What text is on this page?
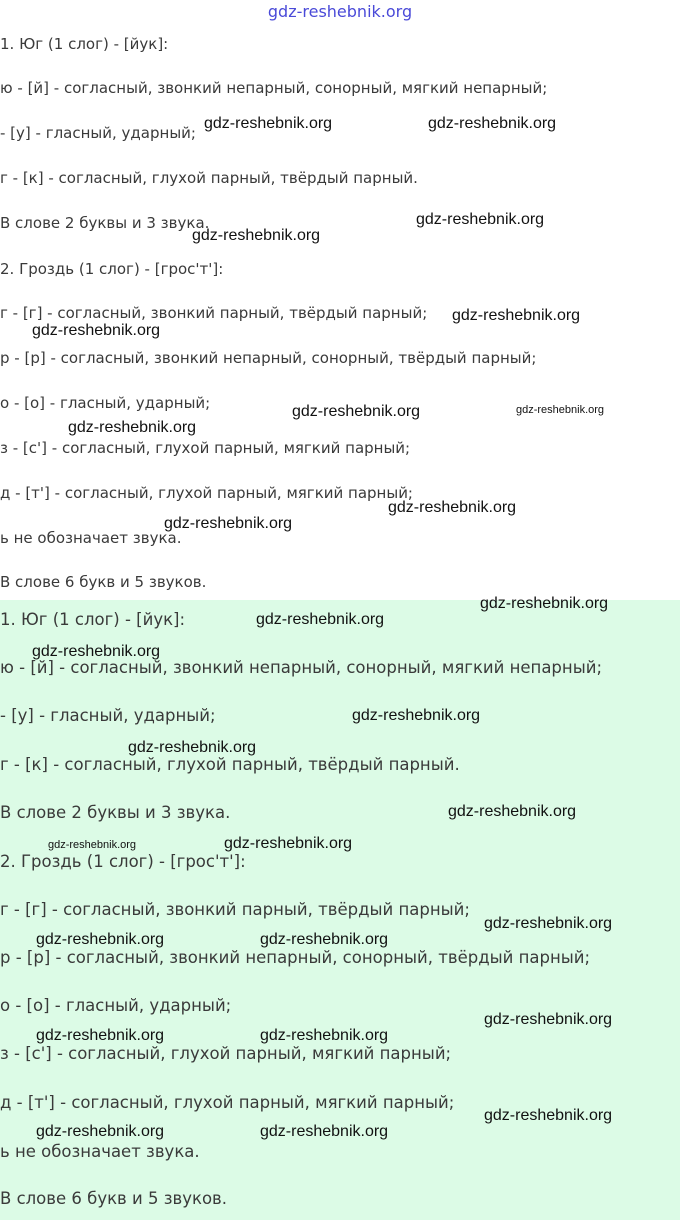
gdz-reshebnik.org
1. Юг (1 слог) - [йук]:
ю - [й] - согласный, звонкий непарный, сонорный, мягкий непарный;
- [у] - гласный, ударный;
г - [к] - согласный, глухой парный, твёрдый парный.
В слове 2 буквы и 3 звука.
2. Гроздь (1 слог) - [грос'т']:
г - [г] - согласный, звонкий парный, твёрдый парный;
р - [р] - согласный, звонкий непарный, сонорный, твёрдый парный;
о - [о] - гласный, ударный;
з - [с'] - согласный, глухой парный, мягкий парный;
д - [т'] - согласный, глухой парный, мягкий парный;
ь не обозначает звука.
В слове 6 букв и 5 звуков.
1. Юг (1 слог) - [йук]:
ю - [й] - согласный, звонкий непарный, сонорный, мягкий непарный;
- [у] - гласный, ударный;
г - [к] - согласный, глухой парный, твёрдый парный.
В слове 2 буквы и 3 звука.
2. Гроздь (1 слог) - [грос'т']:
г - [г] - согласный, звонкий парный, твёрдый парный;
р - [р] - согласный, звонкий непарный, сонорный, твёрдый парный;
о - [о] - гласный, ударный;
з - [с'] - согласный, глухой парный, мягкий парный;
д - [т'] - согласный, глухой парный, мягкий парный;
ь не обозначает звука.
В слове 6 букв и 5 звуков.
gdz-reshebnik.org	gdz-reshebnik.org
gdz-reshebnik.org
gdz-reshebnik.org
gdz-reshebnik.org
gdz-reshebnik.org
gdz-reshebnik.org	gdz-reshebnik.org
gdz-reshebnik.org
gdz-reshebnik.org
gdz-reshebnik.org
gdz-reshebnik.org
gdz-reshebnik.org
gdz-reshebnik.org
gdz-reshebnik.org
gdz-reshebnik.org
gdz-reshebnik.org
gdz-reshebnik.org	gdz-reshebnik.org
gdz-reshebnik.org
gdz-reshebnik.org	gdz-reshebnik.org
gdz-reshebnik.org
gdz-reshebnik.org	gdz-reshebnik.org
gdz-reshebnik.org
gdz-reshebnik.org	gdz-reshebnik.org
